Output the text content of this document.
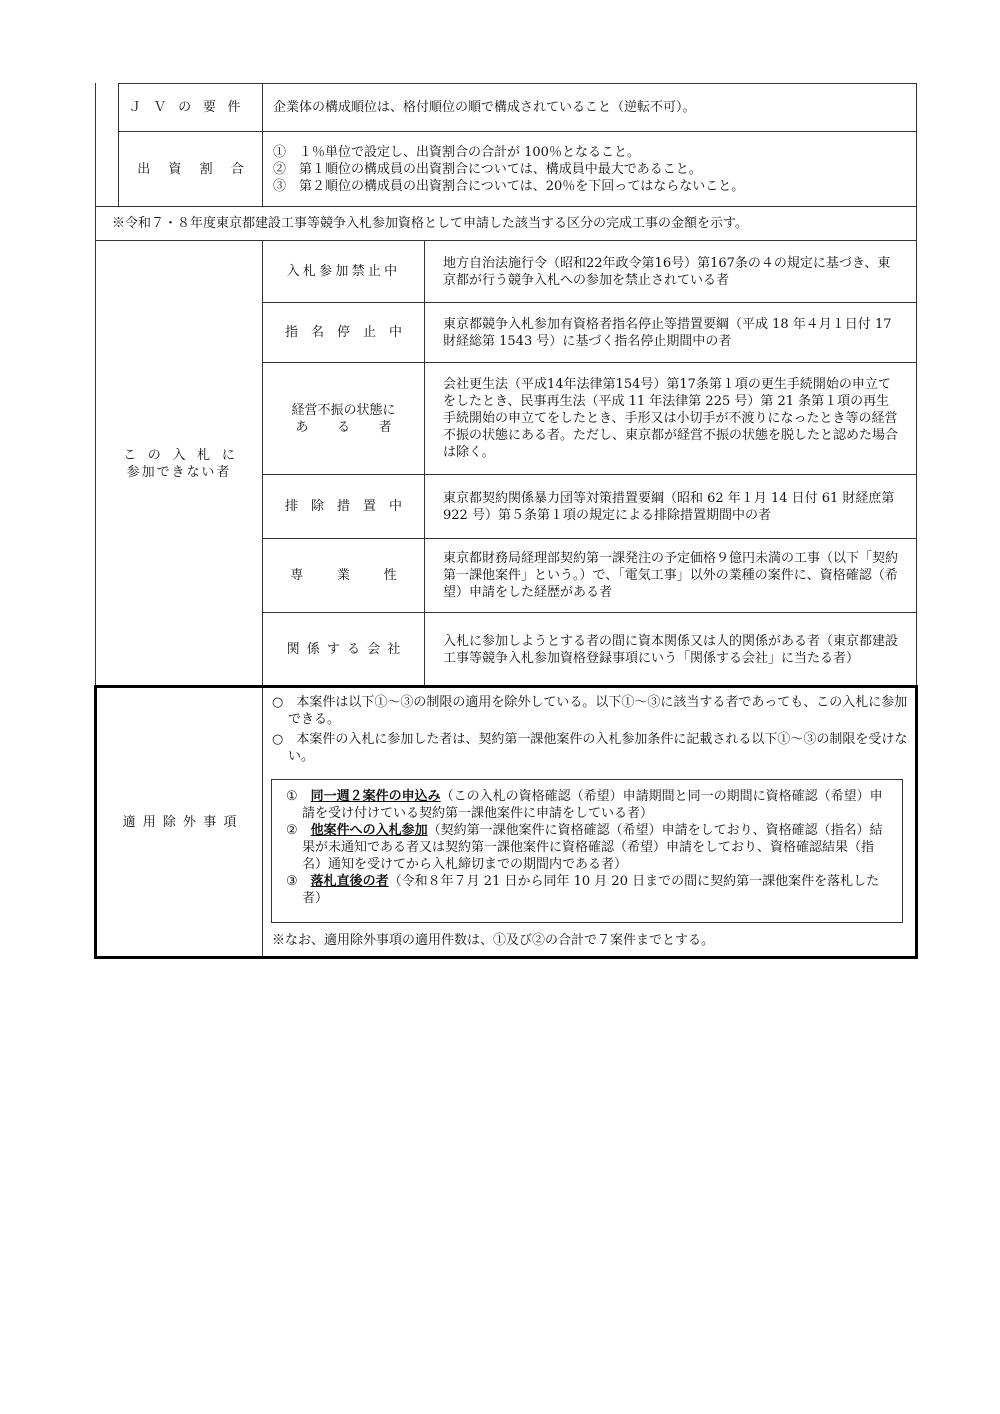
ＪＶの要件 企業体の構成順位は、格付順位の順で構成されていること（逆転不可）。
出資割合
①　１％単位で設定し、出資割合の合計が 100％となること。
②　第１順位の構成員の出資割合については、構成員中最大であること。
③　第２順位の構成員の出資割合については、20％を下回ってはならないこと。
※令和７・８年度東京都建設工事等競争入札参加資格として申請した該当する区分の完成工事の金額を示す。
この入札に
参加できない者
入札参加禁止中
地方自治法施行令（昭和22年政令第16号）第167条の４の規定に基づき、東京都が行う競争入札への参加を禁止されている者
指名停止中
東京都競争入札参加有資格者指名停止等措置要綱（平成 18 年４月１日付 17 財経総第 1543 号）に基づく指名停止期間中の者
経営不振の状態に
ある者
会社更生法（平成14年法律第154号）第17条第１項の更生手続開始の申立てをしたとき、民事再生法（平成 11 年法律第 225 号）第 21 条第１項の再生手続開始の申立てをしたとき、手形又は小切手が不渡りになったとき等の経営不振の状態にある者。ただし、東京都が経営不振の状態を脱したと認めた場合は除く。
排除措置中
東京都契約関係暴力団等対策措置要綱（昭和 62 年１月 14 日付 61 財経庶第 922 号）第５条第１項の規定による排除措置期間中の者
専業性
東京都財務局経理部契約第一課発注の予定価格９億円未満の工事（以下「契約第一課他案件」という。）で、「電気工事」以外の業種の案件に、資格確認（希望）申請をした経歴がある者
関係する会社
入札に参加しようとする者の間に資本関係又は人的関係がある者（東京都建設工事等競争入札参加資格登録事項にいう「関係する会社」に当たる者）
適用除外事項
○　本案件は以下①～③の制限の適用を除外している。以下①～③に該当する者であっても、この入札に参加できる。
○　本案件の入札に参加した者は、契約第一課他案件の入札参加条件に記載される以下①～③の制限を受けない。
①　同一週２案件の申込み（この入札の資格確認（希望）申請期間と同一の期間に資格確認（希望）申請を受け付けている契約第一課他案件に申請をしている者）
②　他案件への入札参加（契約第一課他案件に資格確認（希望）申請をしており、資格確認（指名）結果が未通知である者又は契約第一課他案件に資格確認（希望）申請をしており、資格確認結果（指名）通知を受けてから入札締切までの期間内である者）
③　落札直後の者（令和８年７月 21 日から同年 10 月 20 日までの間に契約第一課他案件を落札した者）
※なお、適用除外事項の適用件数は、①及び②の合計で７案件までとする。
